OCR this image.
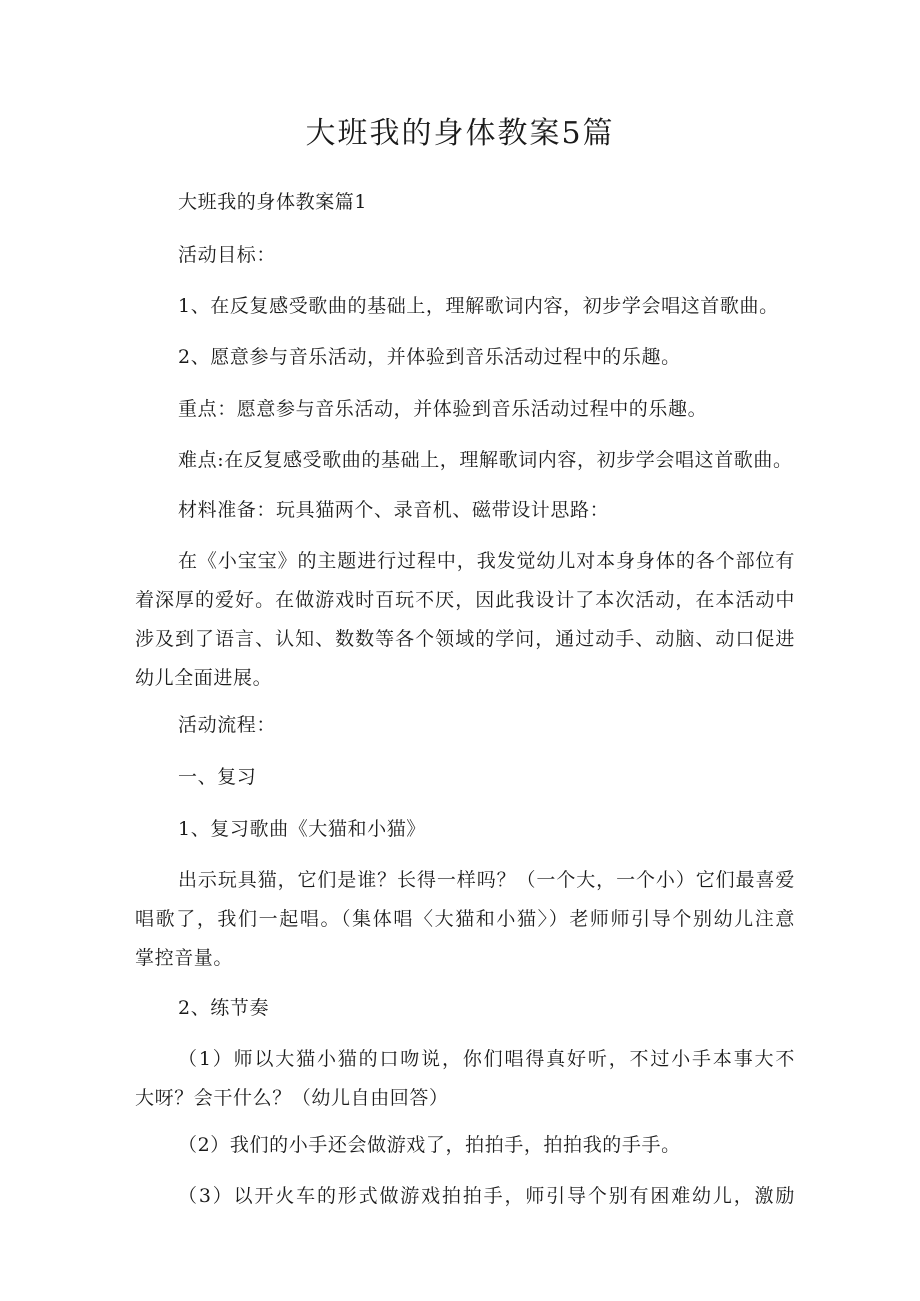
大班我的身体教案5篇
大班我的身体教案篇1
活动目标：
1、在反复感受歌曲的基础上，理解歌词内容，初步学会唱这首歌曲。
2、愿意参与音乐活动，并体验到音乐活动过程中的乐趣。
重点：愿意参与音乐活动，并体验到音乐活动过程中的乐趣。
难点:在反复感受歌曲的基础上，理解歌词内容，初步学会唱这首歌曲。
材料准备：玩具猫两个、录音机、磁带设计思路：
在《小宝宝》的主题进行过程中，我发觉幼儿对本身身体的各个部位有
着深厚的爱好。在做游戏时百玩不厌，因此我设计了本次活动，在本活动中
涉及到了语言、认知、数数等各个领域的学问，通过动手、动脑、动口促进
幼儿全面进展。
活动流程：
一、复习
1、复习歌曲《大猫和小猫》
出示玩具猫，它们是谁？长得一样吗？（一个大，一个小）它们最喜爱
唱歌了，我们一起唱。（集体唱〈大猫和小猫〉）老师师引导个别幼儿注意
掌控音量。
2、练节奏
（1）师以大猫小猫的口吻说，你们唱得真好听，不过小手本事大不
大呀？会干什么？（幼儿自由回答）
（2）我们的小手还会做游戏了，拍拍手，拍拍我的手手。
（3）以开火车的形式做游戏拍拍手，师引导个别有困难幼儿，激励
